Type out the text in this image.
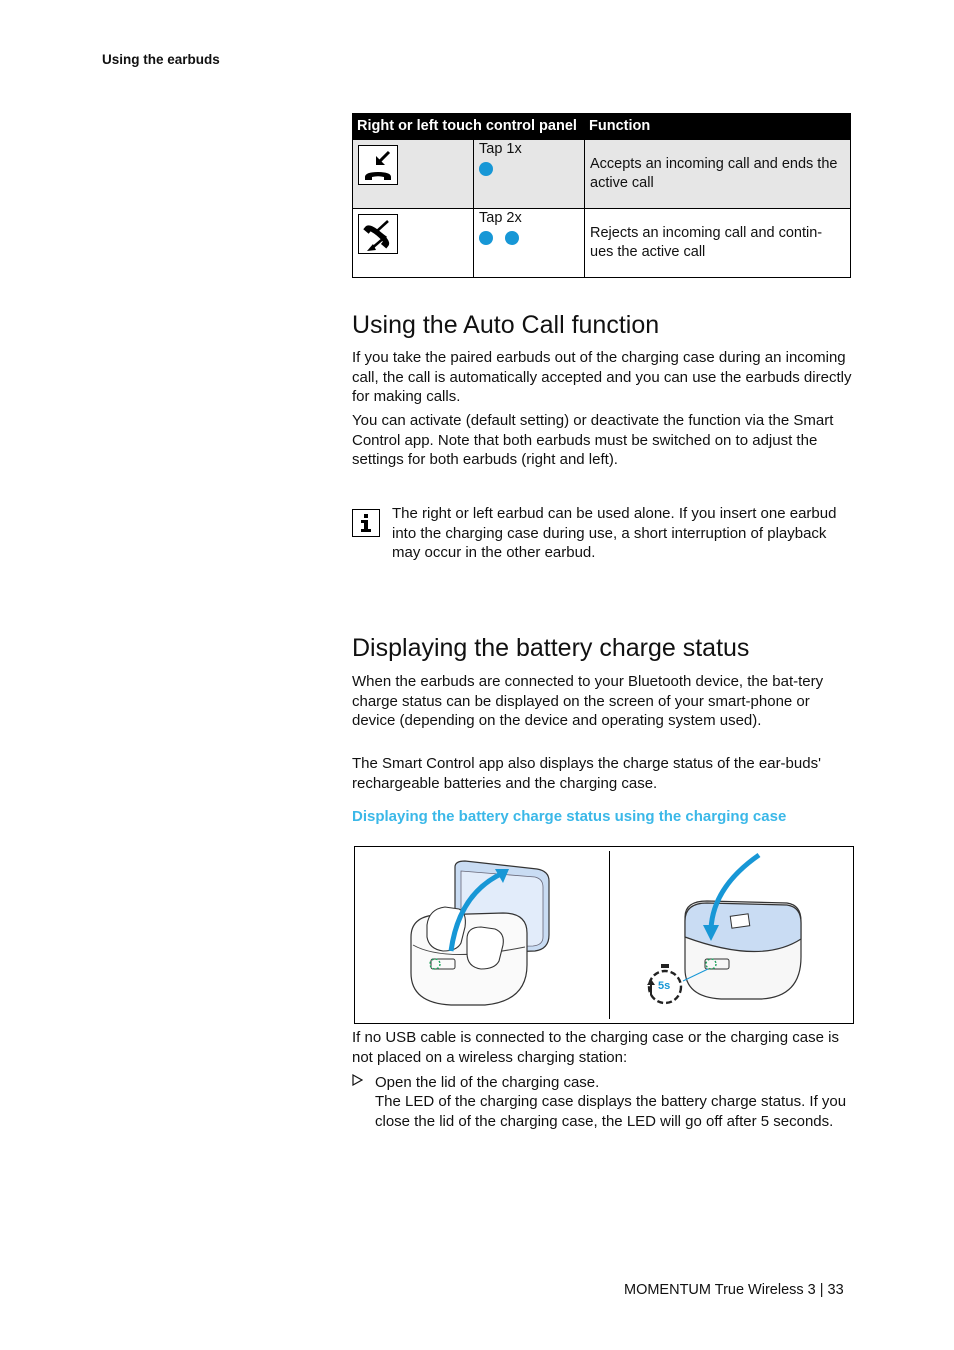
Using the earbuds
Right or left touch control panel		Function

Tap 1x	Accepts an incoming call and ends the active call

Tap 2x	Rejects an incoming call and contin-ues the active call
Using the Auto Call function
If you take the paired earbuds out of the charging case during an incoming call, the call is automatically accepted and you can use the earbuds directly for making calls.
You can activate (default setting) or deactivate the function via the Smart Control app. Note that both earbuds must be switched on to adjust the settings for both earbuds (right and left).
The right or left earbud can be used alone. If you insert one earbud into the charging case during use, a short interruption of playback may occur in the other earbud.
Displaying the battery charge status
When the earbuds are connected to your Bluetooth device, the bat-tery charge status can be displayed on the screen of your smart-phone or device (depending on the device and operating system used).
The Smart Control app also displays the charge status of the ear-buds' rechargeable batteries and the charging case.
Displaying the battery charge status using the charging case
5s
If no USB cable is connected to the charging case or the charging case is not placed on a wireless charging station:
Open the lid of the charging case.
The LED of the charging case displays the battery charge status. If you close the lid of the charging case, the LED will go off after 5 seconds.
MOMENTUM True Wireless 3 | 33
